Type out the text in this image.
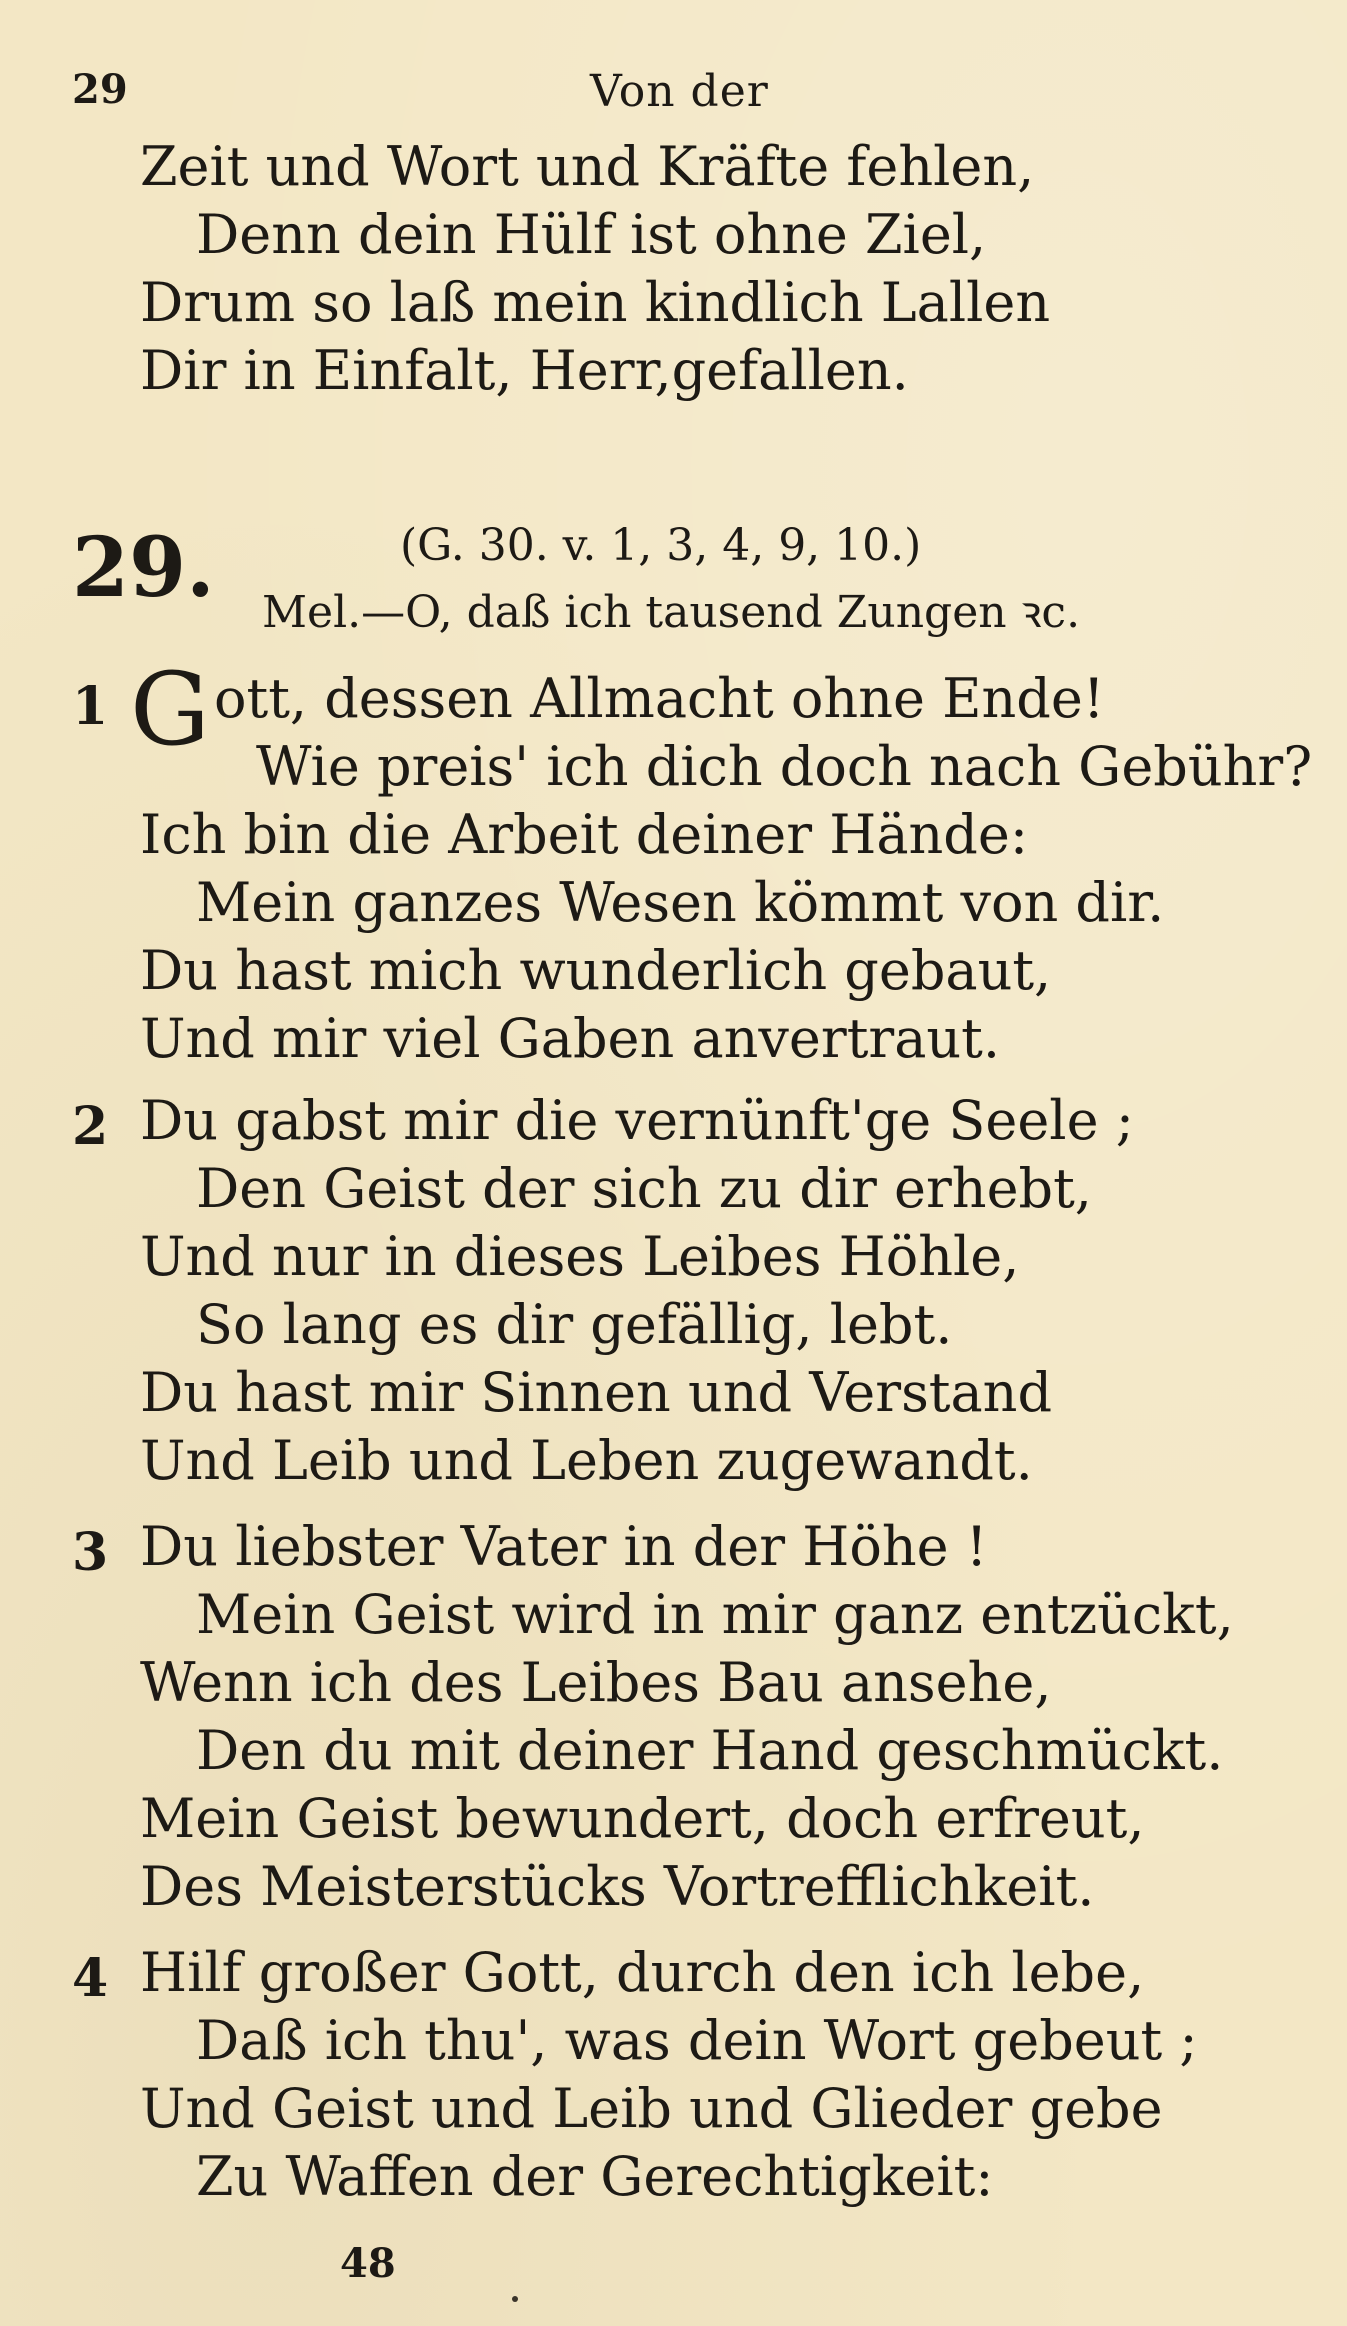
29	Von der
Zeit und Wort und Kräfte fehlen,
Denn dein Hülf ist ohne Ziel,
Drum so laß mein kindlich Lallen
Dir in Einfalt, Herr,gefallen.
29.	(G. 30. v. 1, 3, 4, 9, 10.)
Mel.—O, daß ich tausend Zungen ꝛc.
1 G ott, dessen Allmacht ohne Ende!
Wie preis' ich dich doch nach Gebühr?
Ich bin die Arbeit deiner Hände:
Mein ganzes Wesen kömmt von dir.
Du hast mich wunderlich gebaut,
Und mir viel Gaben anvertraut.
2 Du gabst mir die vernünft'ge Seele ;
Den Geist der sich zu dir erhebt,
Und nur in dieses Leibes Höhle,
So lang es dir gefällig, lebt.
Du hast mir Sinnen und Verstand
Und Leib und Leben zugewandt.
3 Du liebster Vater in der Höhe !
Mein Geist wird in mir ganz entzückt,
Wenn ich des Leibes Bau ansehe,
Den du mit deiner Hand geschmückt.
Mein Geist bewundert, doch erfreut,
Des Meisterstücks Vortrefflichkeit.
4 Hilf großer Gott, durch den ich lebe,
Daß ich thu', was dein Wort gebeut ;
Und Geist und Leib und Glieder gebe
Zu Waffen der Gerechtigkeit:
48
